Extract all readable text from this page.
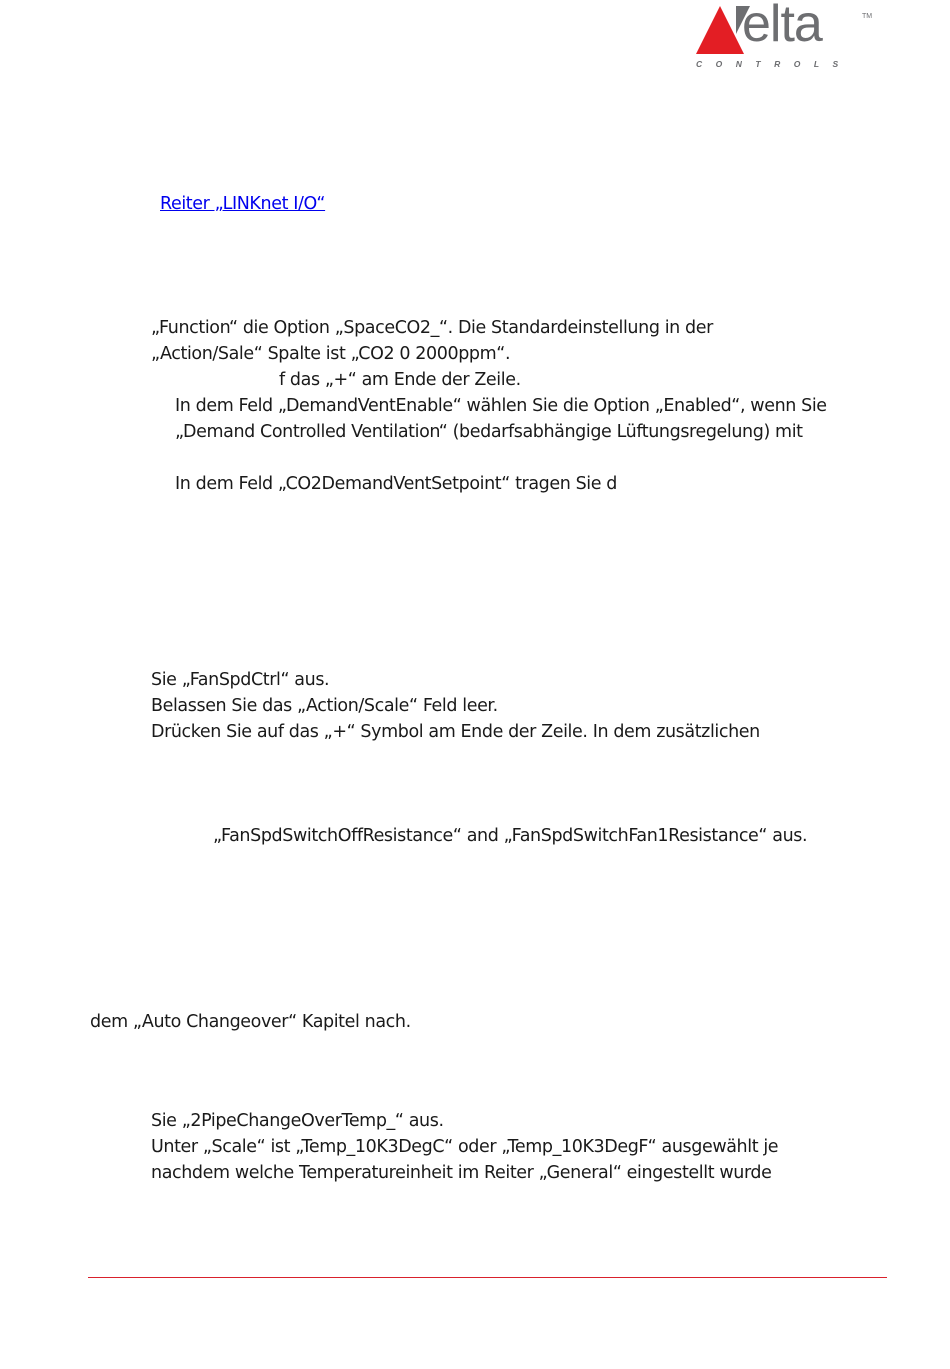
elta	TM
CONTROLS
Reiter „LINKnet I/O“
„Function“ die Option „SpaceCO2_“. Die Standardeinstellung in der
„Action/Sale“ Spalte ist „CO2 0 2000ppm“.
f das „+“ am Ende der Zeile.
In dem Feld „DemandVentEnable“ wählen Sie die Option „Enabled“, wenn Sie
„Demand Controlled Ventilation“ (bedarfsabhängige Lüftungsregelung) mit
In dem Feld „CO2DemandVentSetpoint“ tragen Sie d
Sie „FanSpdCtrl“ aus.
Belassen Sie das „Action/Scale“ Feld leer.
Drücken Sie auf das „+“ Symbol am Ende der Zeile. In dem zusätzlichen
„FanSpdSwitchOffResistance“ and „FanSpdSwitchFan1Resistance“ aus.
dem „Auto Changeover“ Kapitel nach.
Sie „2PipeChangeOverTemp_“ aus.
Unter „Scale“ ist „Temp_10K3DegC“ oder „Temp_10K3DegF“ ausgewählt je
nachdem welche Temperatureinheit im Reiter „General“ eingestellt wurde
